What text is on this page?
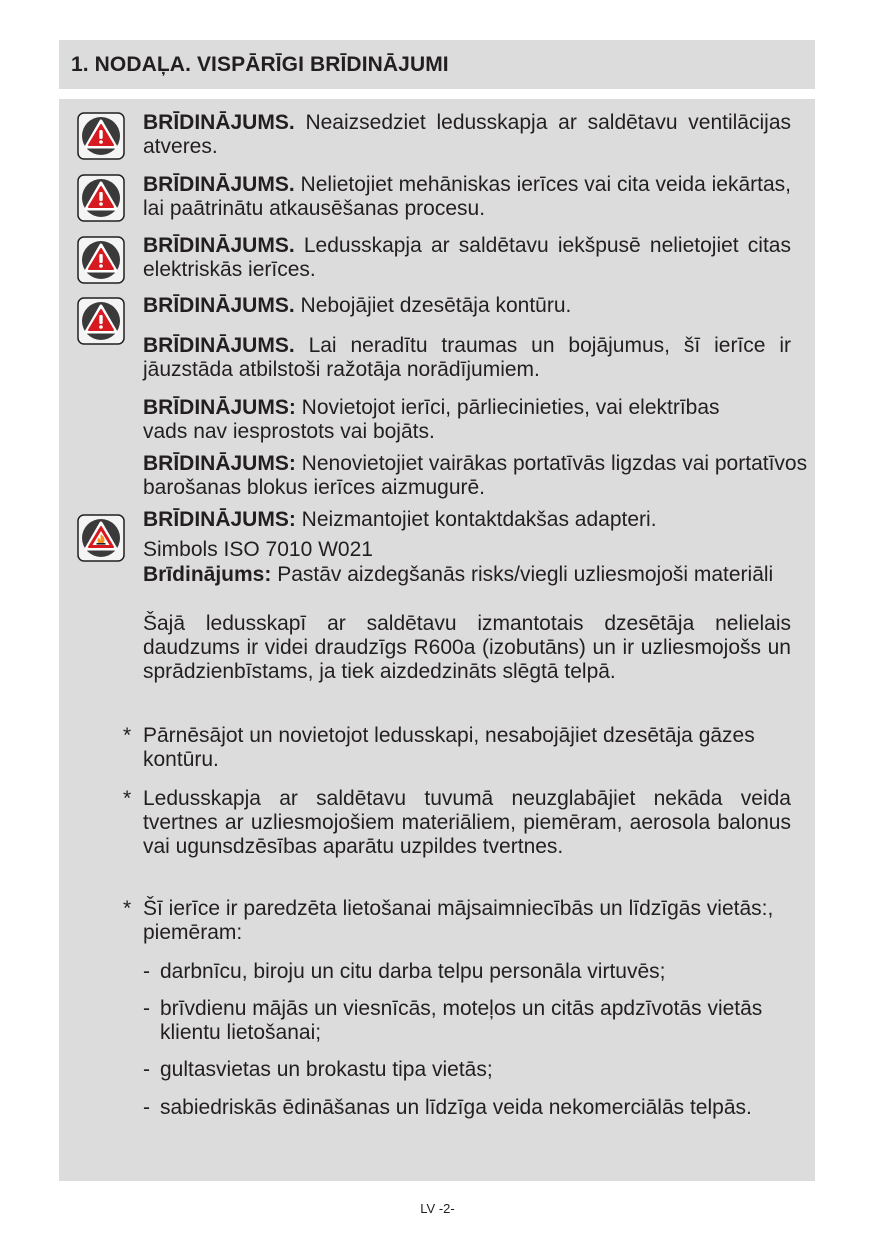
1. NODAĻA. VISPĀRĪGI BRĪDINĀJUMI
BRĪDINĀJUMS. Neaizsedziet ledusskapja ar saldētavu ventilācijas atveres.
BRĪDINĀJUMS. Nelietojiet mehāniskas ierīces vai cita veida iekārtas, lai paātrinātu atkausēšanas procesu.
BRĪDINĀJUMS. Ledusskapja ar saldētavu iekšpusē nelietojiet citas elektriskās ierīces.
BRĪDINĀJUMS. Nebojājiet dzesētāja kontūru.
BRĪDINĀJUMS. Lai neradītu traumas un bojājumus, šī ierīce ir jāuzstāda atbilstoši ražotāja norādījumiem.
BRĪDINĀJUMS: Novietojot ierīci, pārliecinieties, vai elektrības vads nav iesprostots vai bojāts.
BRĪDINĀJUMS: Nenovietojiet vairākas portatīvās ligzdas vai portatīvos barošanas blokus ierīces aizmugurē.
BRĪDINĀJUMS: Neizmantojiet kontaktdakšas adapteri.
Simbols ISO 7010 W021
Brīdinājums: Pastāv aizdegšanās risks/viegli uzliesmojoši materiāli
Šajā ledusskapī ar saldētavu izmantotais dzesētāja nelielais daudzums ir videi draudzīgs R600a (izobutāns) un ir uzliesmojošs un sprādzienbīstams, ja tiek aizdedzināts slēgtā telpā.
* Pārnēsājot un novietojot ledusskapi, nesabojājiet dzesētāja gāzes kontūru.
* Ledusskapja ar saldētavu tuvumā neuzglabājiet nekāda veida tvertnes ar uzliesmojošiem materiāliem, piemēram, aerosola balonus vai ugunsdzēsības aparātu uzpildes tvertnes.
* Šī ierīce ir paredzēta lietošanai mājsaimniecībās un līdzīgās vietās:, piemēram:
- darbnīcu, biroju un citu darba telpu personāla virtuvēs;
- brīvdienu mājās un viesnīcās, moteļos un citās apdzīvotās vietās klientu lietošanai;
- gultasvietas un brokastu tipa vietās;
- sabiedriskās ēdināšanas un līdzīga veida nekomerciālās telpās.
LV -2-
